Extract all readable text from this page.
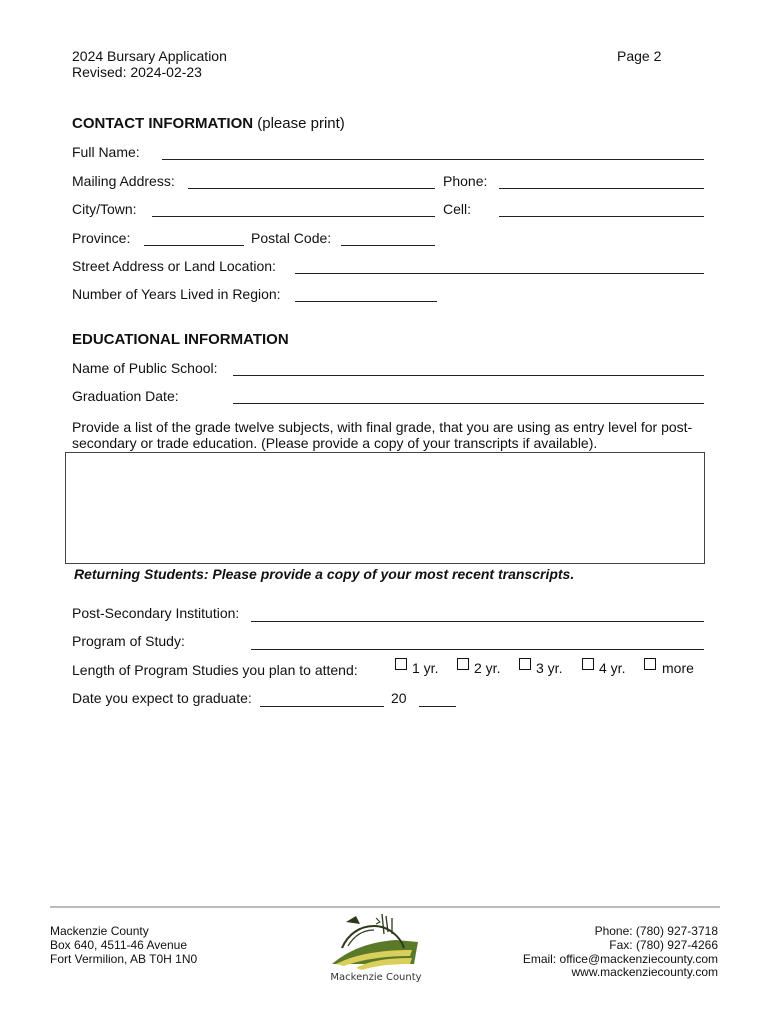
2024 Bursary Application
Revised: 2024-02-23
Page 2
CONTACT INFORMATION (please print)
Full Name:
Mailing Address:	Phone:
City/Town:	Cell:
Province:	Postal Code:
Street Address or Land Location:
Number of Years Lived in Region:
EDUCATIONAL INFORMATION
Name of Public School:
Graduation Date:
Provide a list of the grade twelve subjects, with final grade, that you are using as entry level for post-secondary or trade education. (Please provide a copy of your transcripts if available).
Returning Students: Please provide a copy of your most recent transcripts.
Post-Secondary Institution:
Program of Study:
Length of Program Studies you plan to attend:	1 yr.	2 yr.	3 yr.	4 yr.	more
Date you expect to graduate:	20
Mackenzie County
Box 640, 4511-46 Avenue
Fort Vermilion, AB T0H 1N0
Mackenzie County
Phone: (780) 927-3718
Fax: (780) 927-4266
Email: office@mackenziecounty.com
www.mackenziecounty.com
